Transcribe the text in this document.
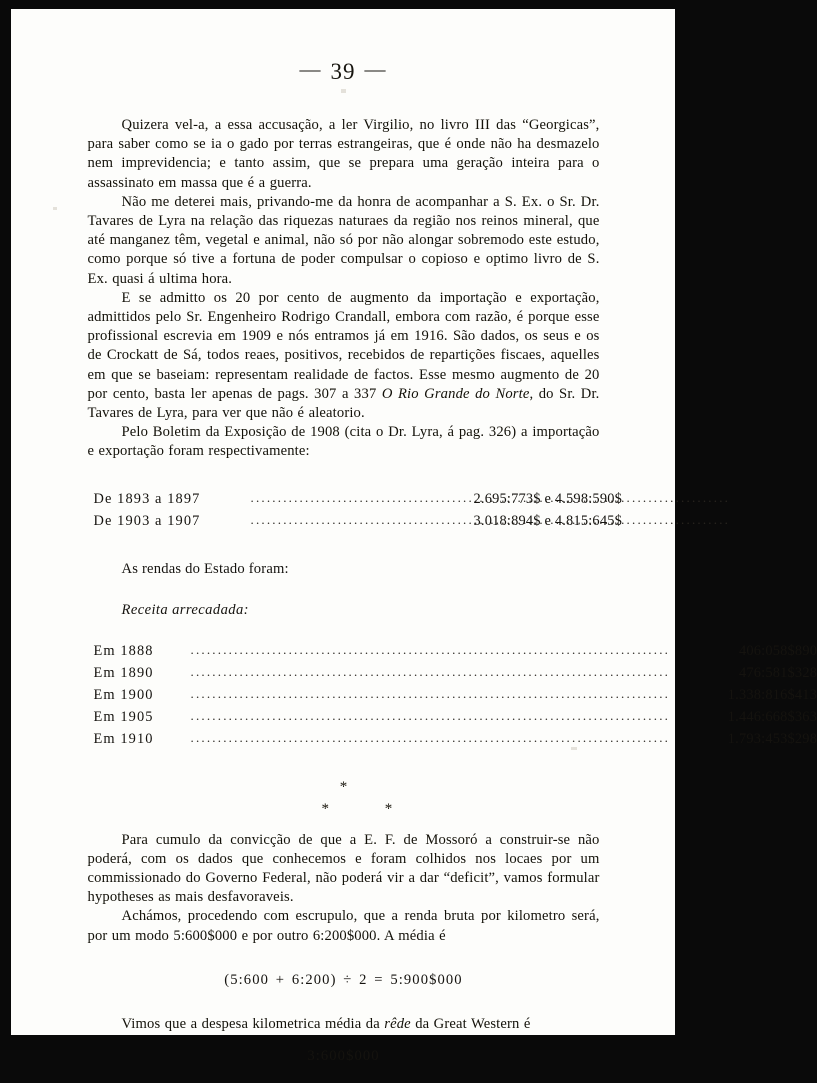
— 39 —

Quizera vel-a, a essa accusação, a ler Virgilio, no livro III das “Georgicas”, para saber como se ia o gado por terras estrangeiras, que é onde não ha desmazelo nem imprevidencia; e tanto assim, que se prepara uma geração inteira para o assassinato em massa que é a guerra.

Não me deterei mais, privando-me da honra de acompanhar a S. Ex. o Sr. Dr. Tavares de Lyra na relação das riquezas naturaes da região nos reinos mineral, que até manganez têm, vegetal e animal, não só por não alongar sobremodo este estudo, como porque só tive a fortuna de poder compulsar o copioso e optimo livro de S. Ex. quasi á ultima hora.

E se admitto os 20 por cento de augmento da importação e exportação, admittidos pelo Sr. Engenheiro Rodrigo Crandall, embora com razão, é porque esse profissional escrevia em 1909 e nós entramos já em 1916. São dados, os seus e os de Crockatt de Sá, todos reaes, positivos, recebidos de repartições fiscaes, aquelles em que se baseiam: representam realidade de factos. Esse mesmo augmento de 20 por cento, basta ler apenas de pags. 307 a 337 O Rio Grande do Norte, do Sr. Dr. Tavares de Lyra, para ver que não é aleatorio.

Pelo Boletim da Exposição de 1908 (cita o Dr. Lyra, á pag. 326) a importação e exportação foram respectivamente:

De 1893 a 1897 .....	2.695:773$ e 4.598:590$
De 1903 a 1907 .....	3.018:894$ e 4.815:645$
As rendas do Estado foram:
Receita arrecadada:
Em 1888 .....	406:058$890
Em 1890 .....	476:581$328
Em 1900 .....	1.338:816$413
Em 1905 .....	1.446:668$363
Em 1910 .....	1.793:453$298
*
* *

Para cumulo da convicção de que a E. F. de Mossoró a construir-se não poderá, com os dados que conhecemos e foram colhidos nos locaes por um commissionado do Governo Federal, não poderá vir a dar “deficit”, vamos formular hypotheses as mais desfavoraveis.

Achámos, procedendo com escrupulo, que a renda bruta por kilometro será, por um modo 5:600$000 e por outro 6:200$000. A média é

(5:600 + 6:200) ÷ 2 = 5:900$000

Vimos que a despesa kilometrica média da rêde da Great Western é

3:600$000
